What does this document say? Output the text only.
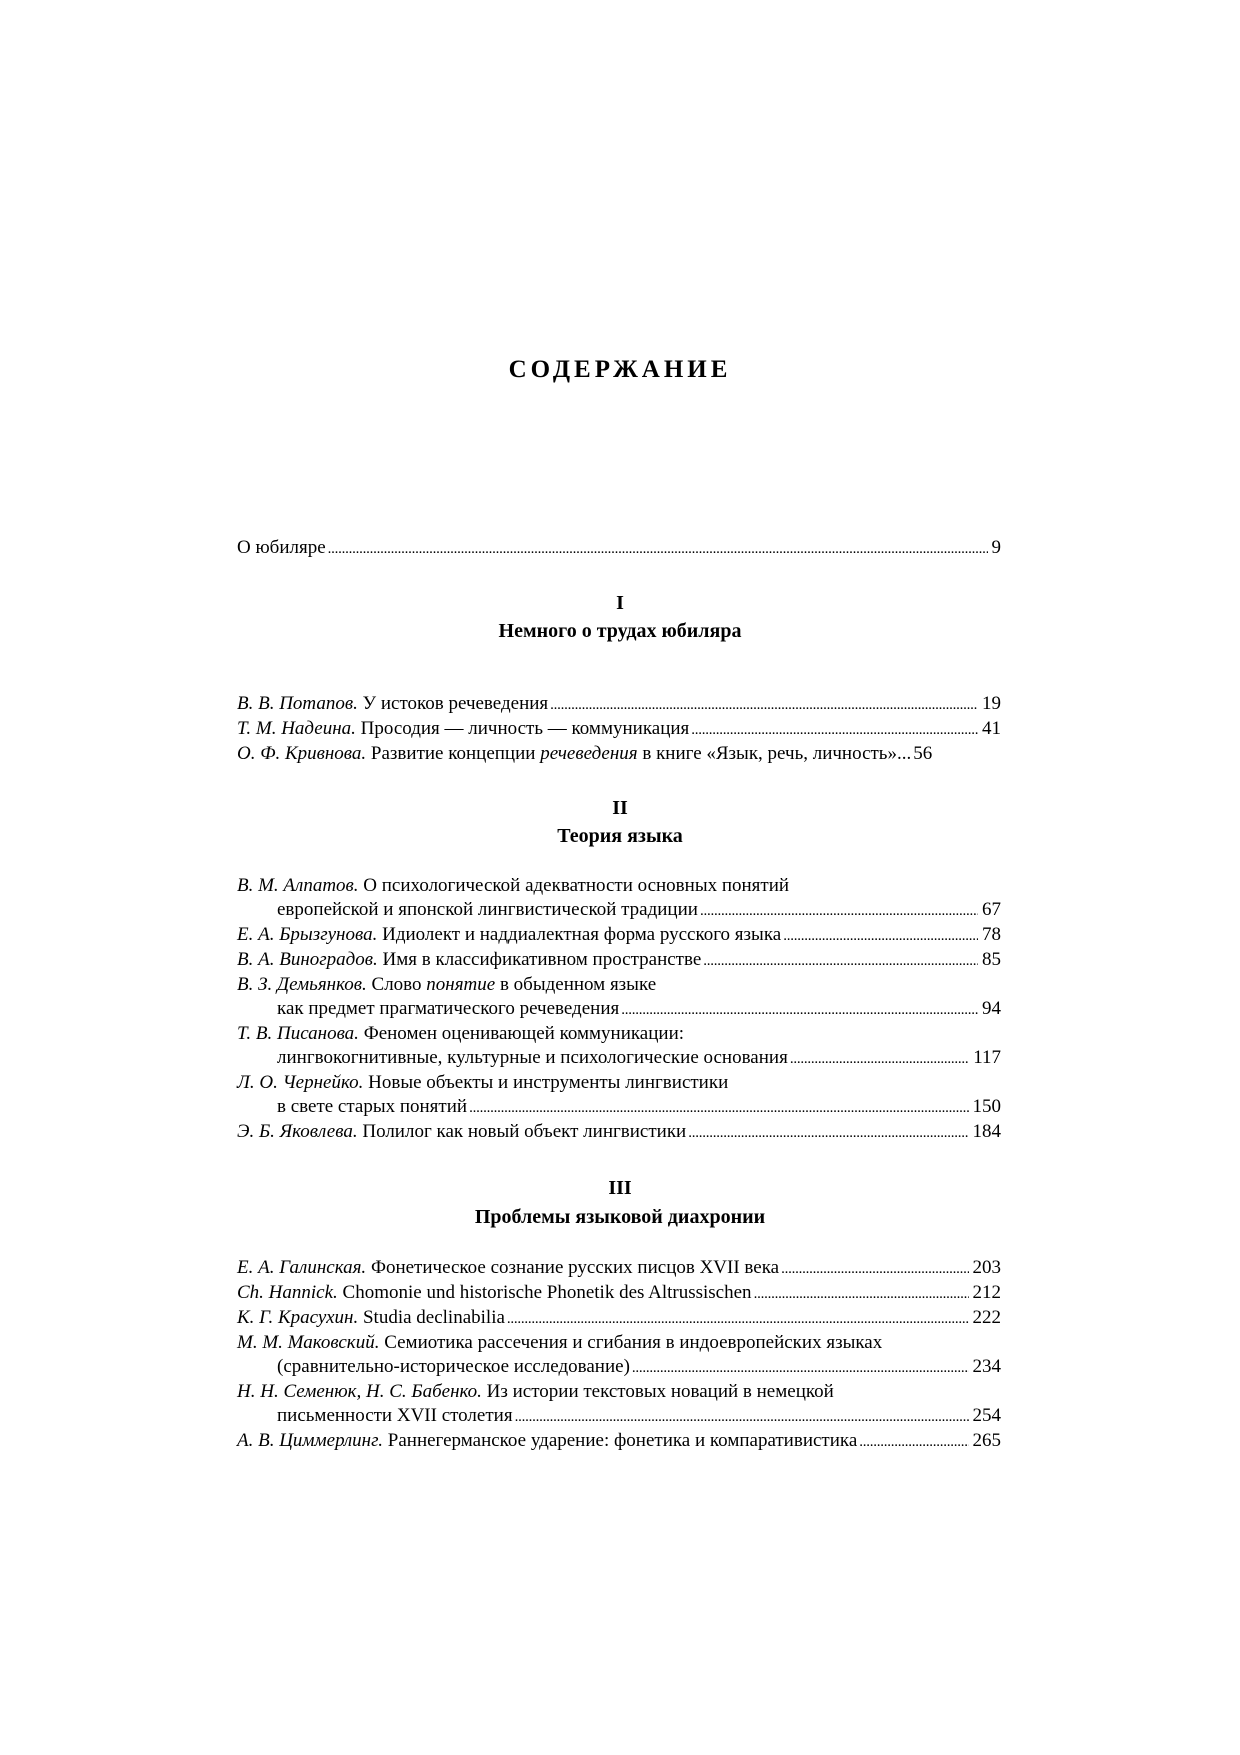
СОДЕРЖАНИЕ
О юбиляре . . .	9
I
Немного о трудах юбиляра
В. В. Потапов. У истоков речеведения . . .	19
Т. М. Надеина. Просодия — личность — коммуникация . . .	41
О. Ф. Кривнова. Развитие концепции речеведения в книге «Язык, речь, личность»... 56
II
Теория языка
В. М. Алпатов. О психологической адекватности основных понятий
европейской и японской лингвистической традиции . . .	67
Е. А. Брызгунова. Идиолект и наддиалектная форма русского языка . . .	78
В. А. Виноградов. Имя в классификативном пространстве . . .	85
В. З. Демьянков. Слово понятие в обыденном языке
как предмет прагматического речеведения . . .	94
Т. В. Писанова. Феномен оценивающей коммуникации:
лингвокогнитивные, культурные и психологические основания . . .	117
Л. О. Чернейко. Новые объекты и инструменты лингвистики
в свете старых понятий . . .	150
Э. Б. Яковлева. Полилог как новый объект лингвистики . . .	184
III
Проблемы языковой диахронии
Е. А. Галинская. Фонетическое сознание русских писцов XVII века . . .	203
Ch. Hannick. Chomonie und historische Phonetik des Altrussischen . . .	212
К. Г. Красухин. Studia declinabilia . . .	222
М. М. Маковский. Семиотика рассечения и сгибания в индоевропейских языках
(сравнительно-историческое исследование) . . .	234
Н. Н. Семенюк, Н. С. Бабенко. Из истории текстовых новаций в немецкой
письменности XVII столетия . . .	254
А. В. Циммерлинг. Раннегерманское ударение: фонетика и компаративистика . . .	265
